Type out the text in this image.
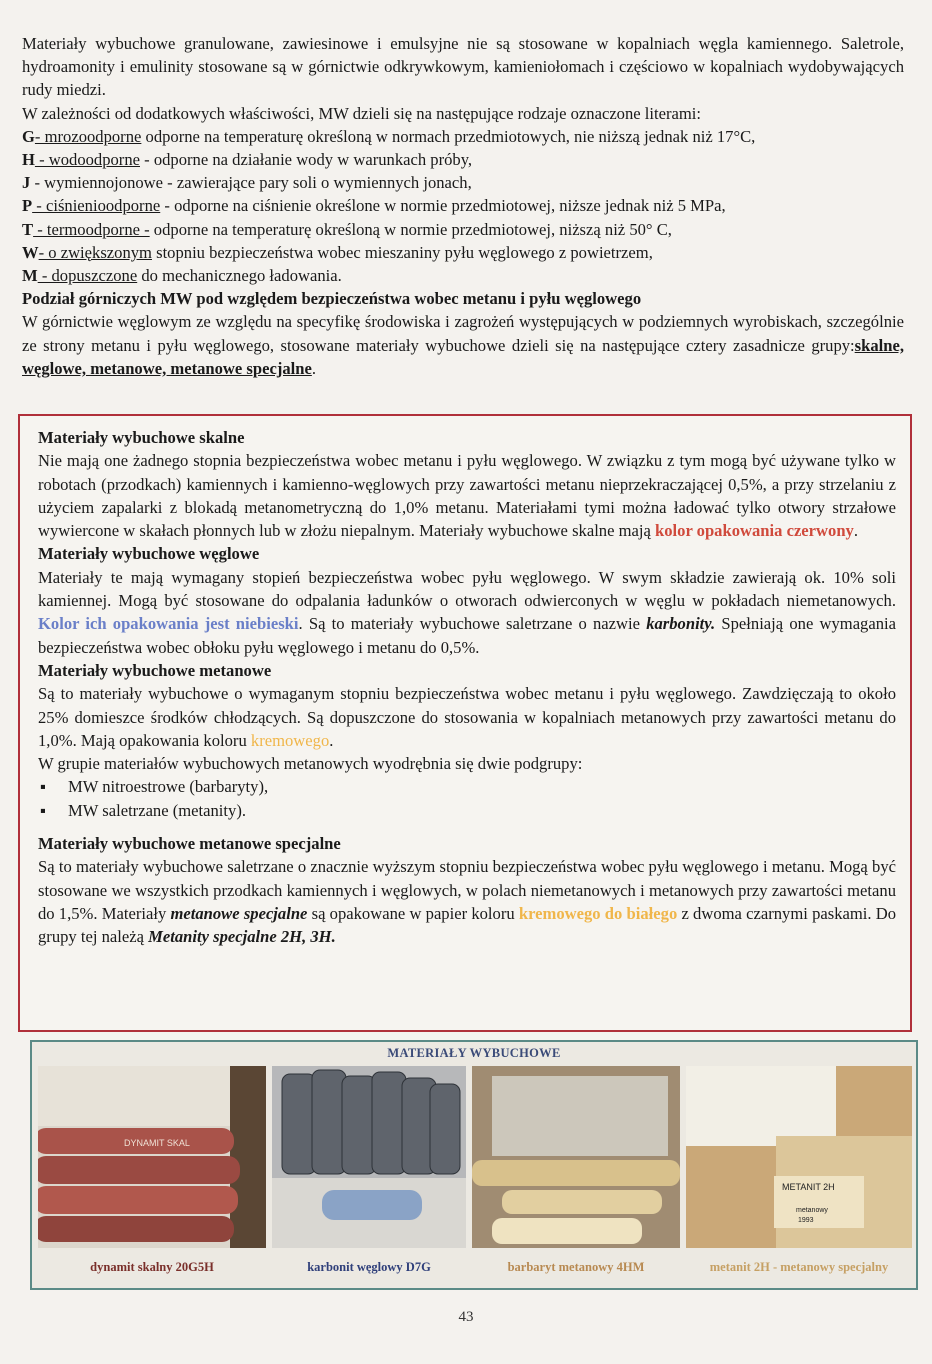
Materiały wybuchowe granulowane, zawiesinowe i emulsyjne nie są stosowane w kopalniach węgla kamiennego. Saletrole, hydroamonity i emulinity stosowane są w górnictwie odkrywkowym, kamieniołomach i częściowo w kopalniach wydobywających rudy miedzi.

W zależności od dodatkowych właściwości, MW dzieli się na następujące rodzaje oznaczone literami:

G- mrozoodporne odporne na temperaturę określoną w normach przedmiotowych, nie niższą jednak niż 17°C,

H - wodoodporne - odporne na działanie wody w warunkach próby,

J - wymiennojonowe - zawierające pary soli o wymiennych jonach,

P - ciśnienioodporne - odporne na ciśnienie określone w normie przedmiotowej, niższe jednak niż 5 MPa,

T - termoodporne - odporne na temperaturę określoną w normie przedmiotowej, niższą niż 50° C,

W- o zwiększonym stopniu bezpieczeństwa wobec mieszaniny pyłu węglowego z powietrzem,

M - dopuszczone do mechanicznego ładowania.

Podział górniczych MW pod względem bezpieczeństwa wobec metanu i pyłu węglowego

W górnictwie węglowym ze względu na specyfikę środowiska i zagrożeń występujących w podziemnych wyrobiskach, szczególnie ze strony metanu i pyłu węglowego, stosowane materiały wybuchowe dzieli się na następujące cztery zasadnicze grupy:skalne, węglowe, metanowe, metanowe specjalne.

Materiały wybuchowe skalne

Nie mają one żadnego stopnia bezpieczeństwa wobec metanu i pyłu węglowego. W związku z tym mogą być używane tylko w robotach (przodkach) kamiennych i kamienno-węglowych przy zawartości metanu nieprzekraczającej 0,5%, a przy strzelaniu z użyciem zapalarki z blokadą metanometryczną do 1,0% metanu. Materiałami tymi można ładować tylko otwory strzałowe wywiercone w skałach płonnych lub w złożu niepalnym. Materiały wybuchowe skalne mają kolor opakowania czerwony.

Materiały wybuchowe węglowe

Materiały te mają wymagany stopień bezpieczeństwa wobec pyłu węglowego. W swym składzie zawierają ok. 10% soli kamiennej. Mogą być stosowane do odpalania ładunków o otworach odwierconych w węglu w pokładach niemetanowych. Kolor ich opakowania jest niebieski. Są to materiały wybuchowe saletrzane o nazwie karbonity. Spełniają one wymagania bezpieczeństwa wobec obłoku pyłu węglowego i metanu do 0,5%.

Materiały wybuchowe metanowe

Są to materiały wybuchowe o wymaganym stopniu bezpieczeństwa wobec metanu i pyłu węglowego. Zawdzięczają to około 25% domieszce środków chłodzących. Są dopuszczone do stosowania w kopalniach metanowych przy zawartości metanu do 1,0%. Mają opakowania koloru kremowego.

W grupie materiałów wybuchowych metanowych wyodrębnia się dwie podgrupy:

▪	MW nitroestrowe (barbaryty),
▪	MW saletrzane (metanity).

Materiały wybuchowe metanowe specjalne

Są to materiały wybuchowe saletrzane o znacznie wyższym stopniu bezpieczeństwa wobec pyłu węglowego i metanu. Mogą być stosowane we wszystkich przodkach kamiennych i węglowych, w polach niemetanowych i metanowych przy zawartości metanu do 1,5%. Materiały metanowe specjalne są opakowane w papier koloru kremowego do białego z dwoma czarnymi paskami. Do grupy tej należą Metanity specjalne 2H, 3H.

MATERIAŁY WYBUCHOWE
DYNAMIT SKAL
METANIT 2H
metanowy
1993
dynamit skalny 20G5H	karbonit węglowy D7G	barbaryt metanowy 4HM	metanit 2H - metanowy specjalny
43
